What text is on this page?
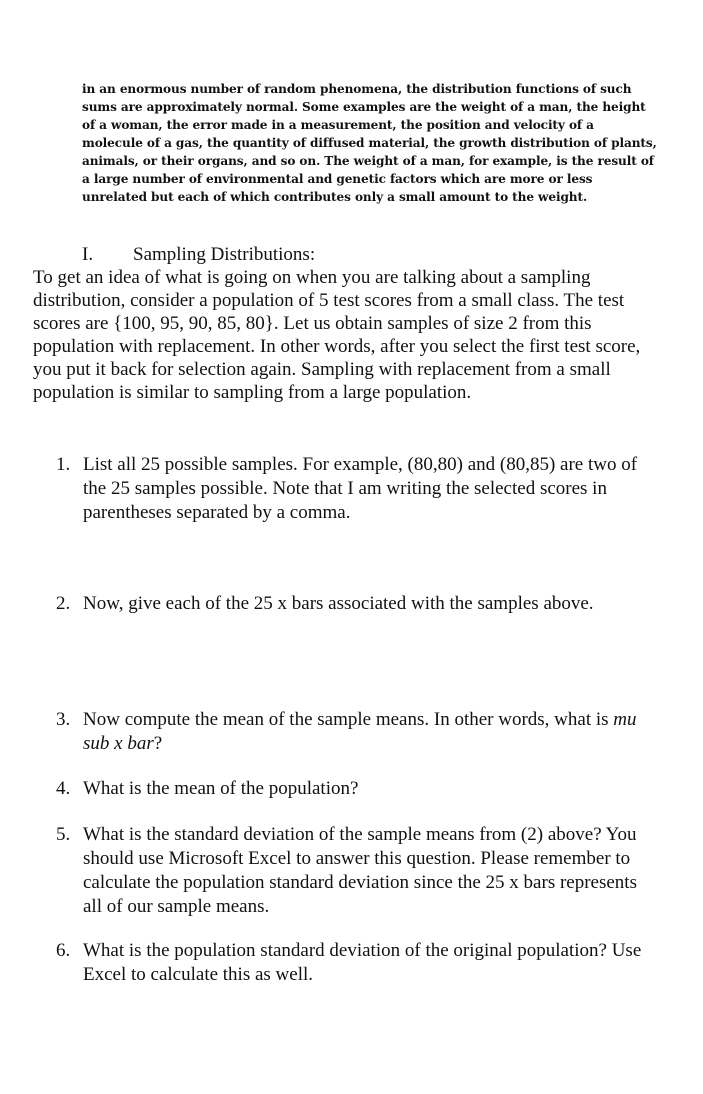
in an enormous number of random phenomena, the distribution functions of such sums are approximately normal. Some examples are the weight of a man, the height of a woman, the error made in a measurement, the position and velocity of a molecule of a gas, the quantity of diffused material, the growth distribution of plants, animals, or their organs, and so on. The weight of a man, for example, is the result of a large number of environmental and genetic factors which are more or less unrelated but each of which contributes only a small amount to the weight.

I. Sampling Distributions:

To get an idea of what is going on when you are talking about a sampling distribution, consider a population of 5 test scores from a small class. The test scores are {100, 95, 90, 85, 80}. Let us obtain samples of size 2 from this population with replacement. In other words, after you select the first test score, you put it back for selection again. Sampling with replacement from a small population is similar to sampling from a large population.

1. List all 25 possible samples. For example, (80,80) and (80,85) are two of the 25 samples possible. Note that I am writing the selected scores in parentheses separated by a comma.
2. Now, give each of the 25 x bars associated with the samples above.
3. Now compute the mean of the sample means. In other words, what is mu sub x bar?
4. What is the mean of the population?
5. What is the standard deviation of the sample means from (2) above? You should use Microsoft Excel to answer this question. Please remember to calculate the population standard deviation since the 25 x bars represents all of our sample means.
6. What is the population standard deviation of the original population? Use Excel to calculate this as well.
